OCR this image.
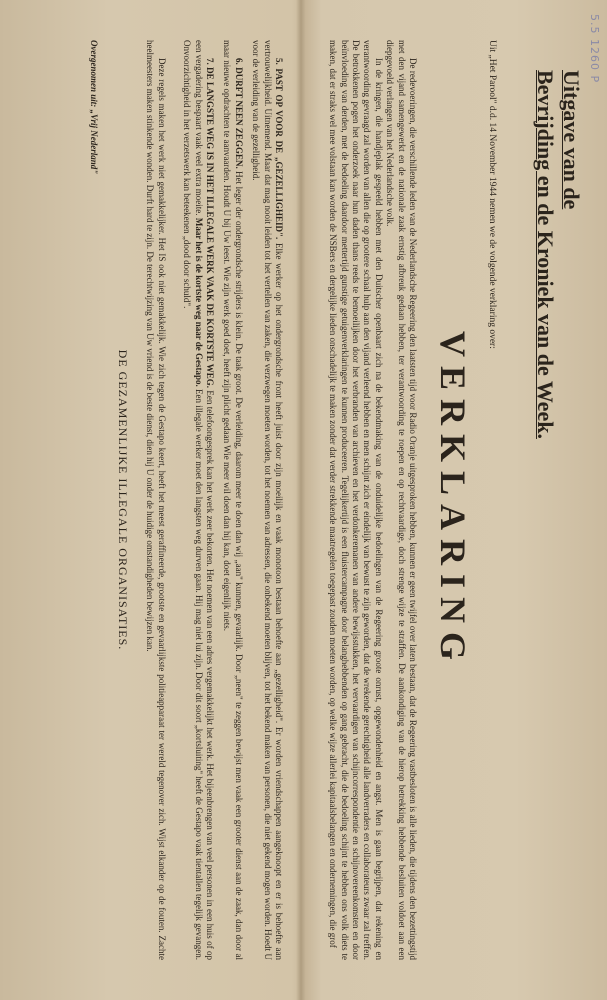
5.5 1260 P
Uitgave van de
Bevrijding en de Kroniek van de Week.

Uit „Het Parool" d.d. 14 November 1944 nemen we de volgende verklaring over:

VERKLARING

De redevoeringen, die verschillende leden van de Nederlandsche Regeering den laatsten tijd voor Radio Oranje uitgesproken hebben, kunnen er geen twijfel over laten bestaan, dat de Regeering vastbesloten is alle lieden, die tijdens den bezettingstijd met den vijand samengewerkt en de nationale zaak ernstig afbreuk gedaan hebben, ter verantwoording te roepen en op rechtvaardige, doch strenge wijze te straffen. De aankondiging van de hierop betrekking hebbende besluiten voldoet aan een diepgevoeld verlangen van het Nederlandsche volk.

In de kringen, die handjeplak gespeeld hebben met den Duitscher openbaart zich na de bekendmaking van de onduidelijke bedoelingen van de Regeering groote onrust, opgewondenheid en angst. Men is gaan begrijpen, dat rekening en verantwoording gevraagd zal worden van allen die op grootere schaal hulp aan den vijand verleend hebben en men schijnt zich er eindelijk van bewust te zijn geworden, dat de wrekende gerechtigheid alle landverraders en collaborateurs zwaar zal treffen. De betrokkenen pogen het onderzoek naar hun daden thans reeds te bemoeilijken door het verbranden van archieven en het verdonkeremanen van andere bewijsstukken, het vervaardigen van schijncorrespondentie en schijnovereenkomsten en door beïnvloeding van derden, met de bedoeling daardoor mettertijd gunstige getuigenverklaringen te kunnen produceeren. Tegelijkertijd is een fluistercampagne door belanghebbenden op gang gebracht, die de bedoeling schijnt te hebben ons volk diets te maken, dat er straks wel mee volstaan kan worden de NSBers en dergelijke lieden onschadelijk te maken zonder dat verder strekkende maatregelen toegepast zouden moeten worden, op welke wijze allerlei kapitaalsbelangen en ondernemingen, die grof

5. PAST OP VOOR DE „GEZELLIGHEID". Elke werker op het ondergrondsche front heeft juist door zijn moeilijk en vaak monotoon bestaan behoefte aan „gezelligheid". Er worden vriendschappen aangeknoopt en er is behoefte aan vertrouwelijkheid. Uitnemend. Maar dat mag nooit leiden tot het vertellen van zaken, die verzwegen moeten worden, tot het noemen van adressen, die onbekend moeten blijven, tot het bekend maken van personen, die niet gekend mogen worden. Hoedt U voor de verleiding van de gezelligheid.

6. DURFT NEEN ZEGGEN. Het leger der ondergrondsche strijders is klein. De taak groot. De verleiding, daarom meer te doen dan wij „aan" kunnen, gevaarlijk. Door „neen" te zeggen bewijst men vaak een grooter dienst aan de zaak, dan door al maar nieuwe opdrachten te aanvaarden. Houdt U bij Uw leest. Wie zijn werk goed doet, heeft zijn plicht gedaan Wie meer wil doen dan hij kan, doet eigenlijk niets.

7. DE LANGSTE WEG IS IN HET ILLEGALE WERK VAAK DE KORTSTE WEG. Een telefoongesprek kan het werk zeer bekorten. Het noemen van een adres vergemakkelijkt het werk. Het bijeenbrengen van veel personen in een huis of op een vergadering bespaart vaak veel extra moeite. Maar het is de kortste weg naar de Gestapo. Een illegale werker moet den langsten weg durven gaan. Hij mag niet lui zijn. Door dit soort „kortsluiting" heeft de Gestapo vaak tientallen tegelijk gevangen. Onvoorzichtigheid in het verzetswerk kan beteekenen „dood door schuld".

Deze regels maken het werk niet gemakkelijker. Het IS ook niet gemakkelijk. Wie zich tegen de Gestapo keert, heeft het meest geraffineerde, grootste en gevaarlijkste politieapparaat ter wereld tegenover zich. Wijst elkander op de fouten. Zachte heelmeesters maken stinkende wonden. Durft hard te zijn. De terechtwijzing van Uw vriend is de beste dienst, dien hij U onder de huidige omstandigheden bewijzen kan.

DE GEZAMENLIJKE ILLEGALE ORGANISATIES.
Overgenomen uit: „Vrij Nederland"
